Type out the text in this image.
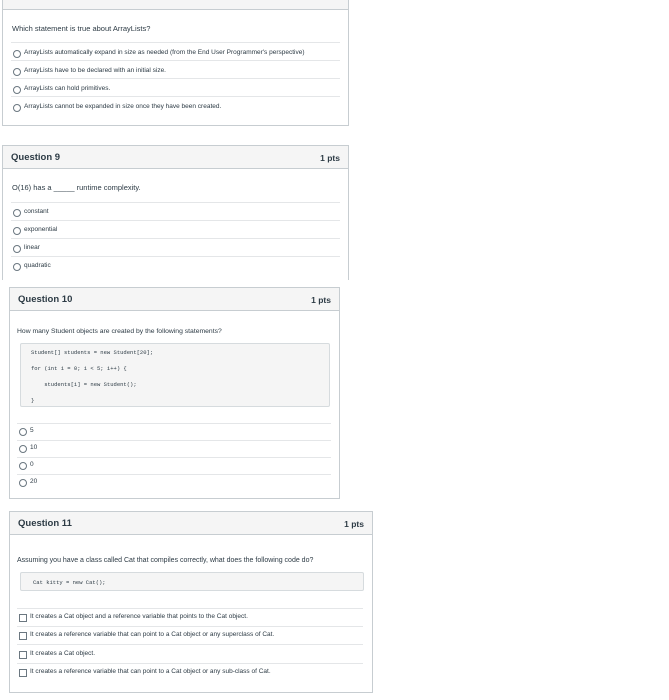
Which statement is true about ArrayLists?
ArrayLists automatically expand in size as needed (from the End User Programmer's perspective)
ArrayLists have to be declared with an initial size.
ArrayLists can hold primitives.
ArrayLists cannot be expanded in size once they have been created.
Question 9	1 pts
O(16) has a _____ runtime complexity.
constant
exponential
linear
quadratic
Question 10	1 pts
How many Student objects are created by the following statements?
Student[] students = new Student[20];
for (int i = 0; i < 5; i++) {
students[i] = new Student();
}
5
10
0
20
Question 11	1 pts
Assuming you have a class called Cat that compiles correctly, what does the following code do?
Cat kitty = new Cat();
It creates a Cat object and a reference variable that points to the Cat object.
It creates a reference variable that can point to a Cat object or any superclass of Cat.
It creates a Cat object.
It creates a reference variable that can point to a Cat object or any sub-class of Cat.
